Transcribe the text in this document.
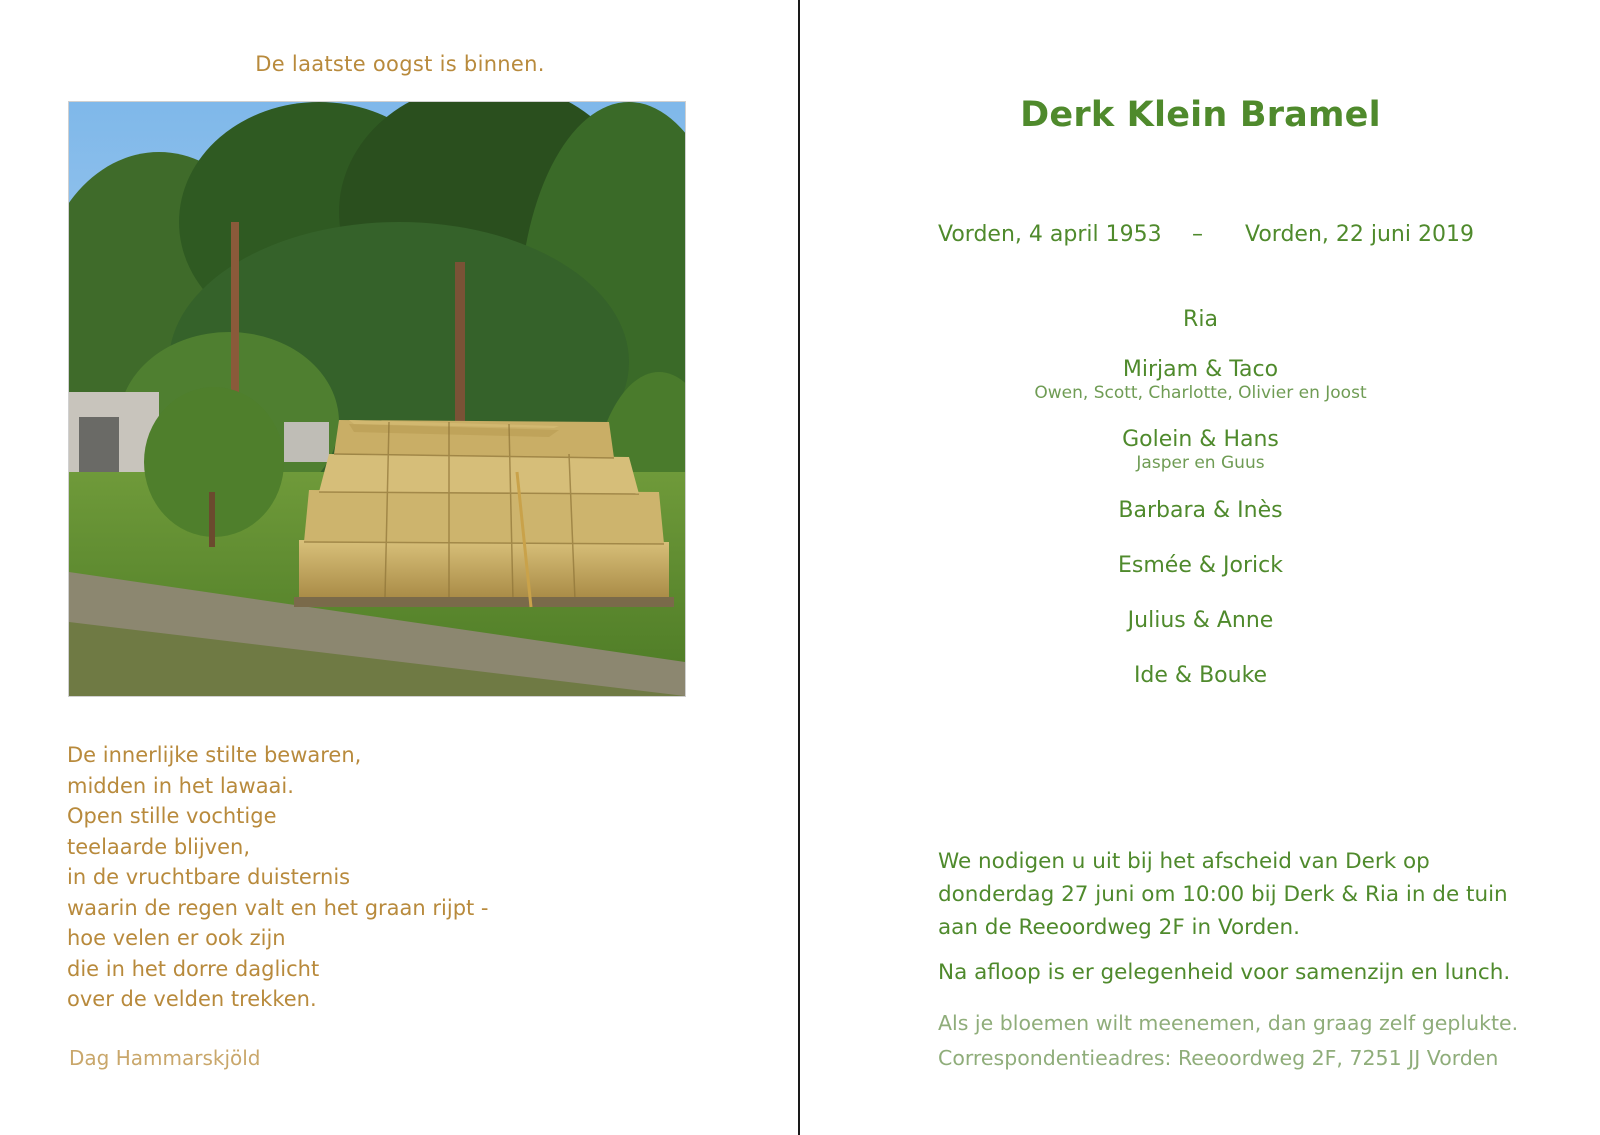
De laatste oogst is binnen.
De innerlijke stilte bewaren,
midden in het lawaai.
Open stille vochtige
teelaarde blijven,
in de vruchtbare duisternis
waarin de regen valt en het graan rijpt -
hoe velen er ook zijn
die in het dorre daglicht
over de velden trekken.
Dag Hammarskjöld
Derk Klein Bramel
Vorden, 4 april 1953 – Vorden, 22 juni 2019
Ria
Mirjam & Taco
Owen, Scott, Charlotte, Olivier en Joost
Golein & Hans
Jasper en Guus
Barbara & Inès
Esmée & Jorick
Julius & Anne
Ide & Bouke
We nodigen u uit bij het afscheid van Derk op
donderdag 27 juni om 10:00 bij Derk & Ria in de tuin
aan de Reeoordweg 2F in Vorden.
Na afloop is er gelegenheid voor samenzijn en lunch.
Als je bloemen wilt meenemen, dan graag zelf geplukte.
Correspondentieadres: Reeoordweg 2F, 7251 JJ Vorden
